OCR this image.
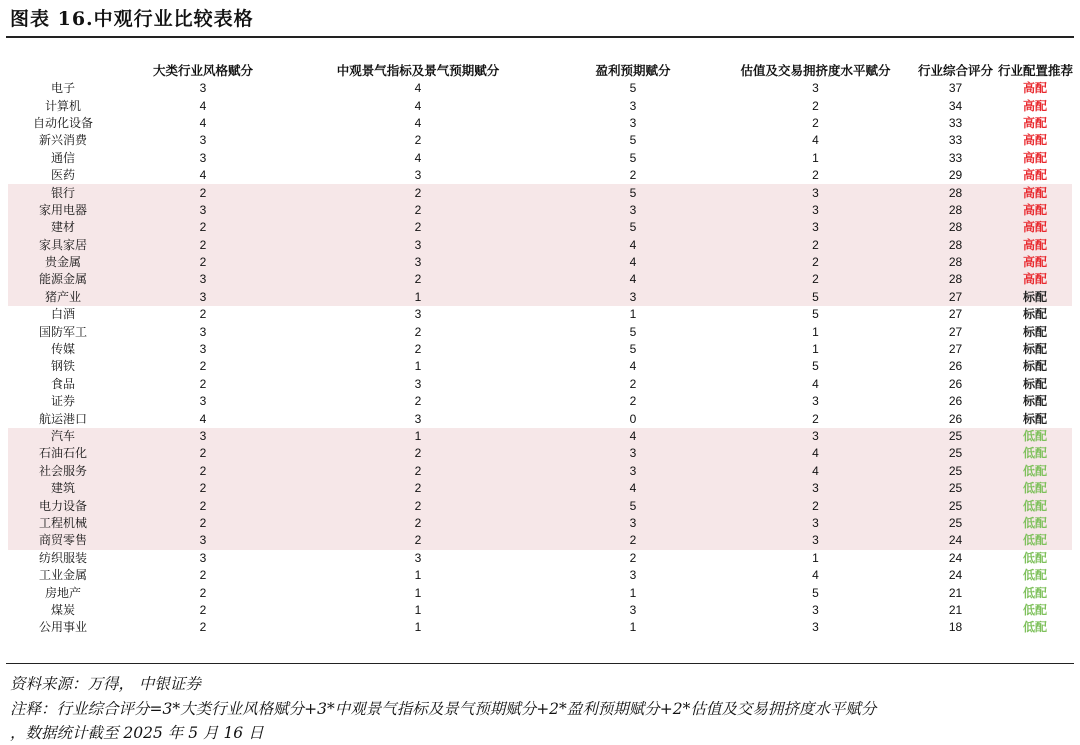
图表 16.中观行业比较表格
	大类行业风格赋分	中观景气指标及景气预期赋分	盈利预期赋分	估值及交易拥挤度水平赋分	行业综合评分	行业配置推荐
电子	3	4	5	3	37	高配
计算机	4	4	3	2	34	高配
自动化设备	4	4	3	2	33	高配
新兴消费	3	2	5	4	33	高配
通信	3	4	5	1	33	高配
医药	4	3	2	2	29	高配
银行	2	2	5	3	28	高配
家用电器	3	2	3	3	28	高配
建材	2	2	5	3	28	高配
家具家居	2	3	4	2	28	高配
贵金属	2	3	4	2	28	高配
能源金属	3	2	4	2	28	高配
猪产业	3	1	3	5	27	标配
白酒	2	3	1	5	27	标配
国防军工	3	2	5	1	27	标配
传媒	3	2	5	1	27	标配
钢铁	2	1	4	5	26	标配
食品	2	3	2	4	26	标配
证券	3	2	2	3	26	标配
航运港口	4	3	0	2	26	标配
汽车	3	1	4	3	25	低配
石油石化	2	2	3	4	25	低配
社会服务	2	2	3	4	25	低配
建筑	2	2	4	3	25	低配
电力设备	2	2	5	2	25	低配
工程机械	2	2	3	3	25	低配
商贸零售	3	2	2	3	24	低配
纺织服装	3	3	2	1	24	低配
工业金属	2	1	3	4	24	低配
房地产	2	1	1	5	21	低配
煤炭	2	1	3	3	21	低配
公用事业	2	1	1	3	18	低配
资料来源：万得， 中银证券
注释：行业综合评分=3*大类行业风格赋分+3*中观景气指标及景气预期赋分+2*盈利预期赋分+2*估值及交易拥挤度水平赋分
，数据统计截至 2025 年 5 月 16 日
